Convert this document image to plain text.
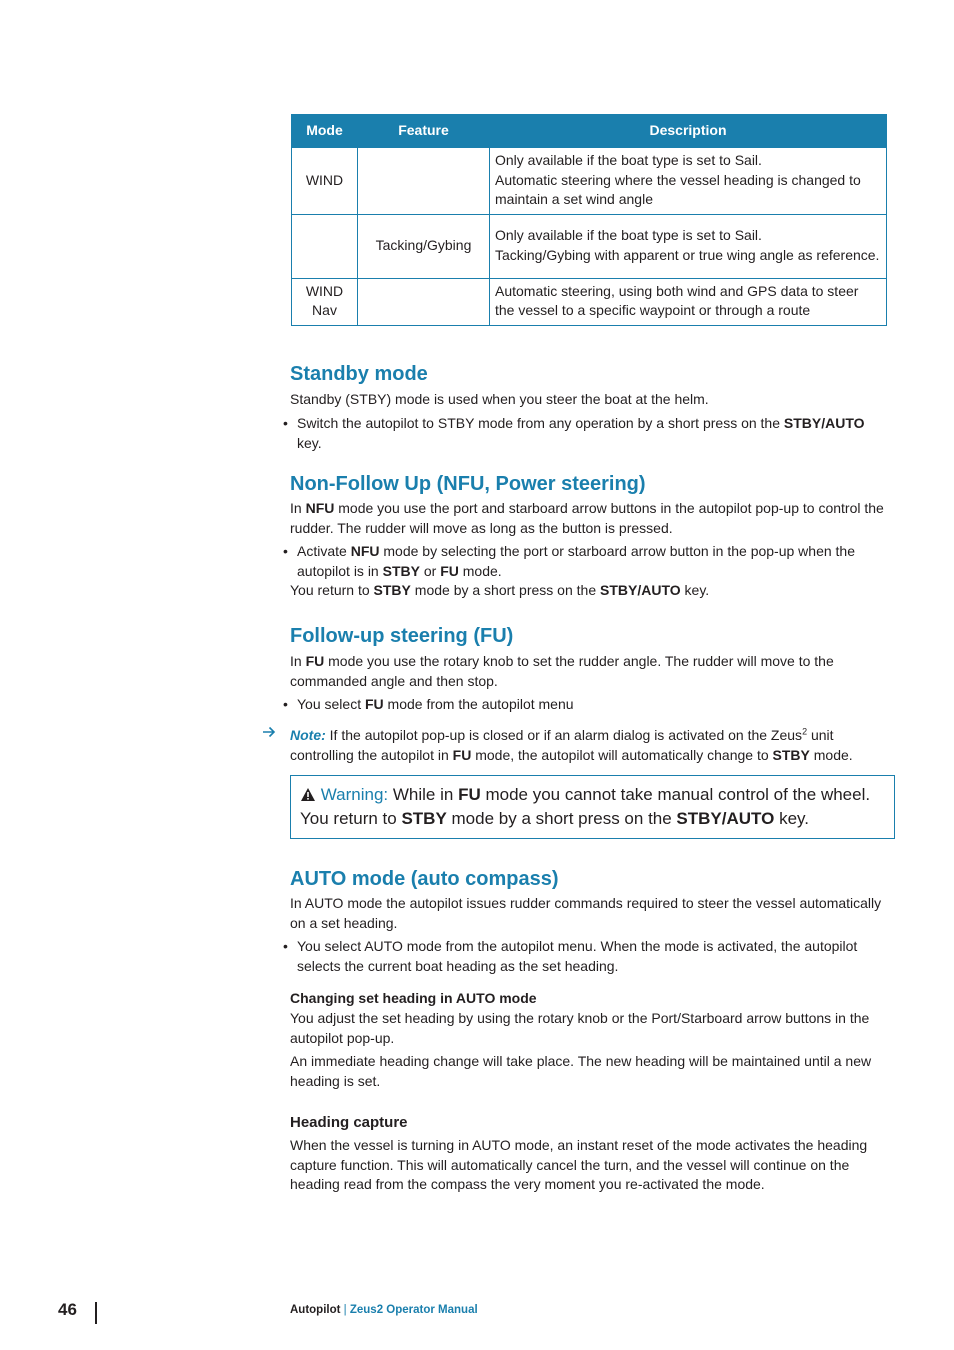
Mode	Feature	Description
WIND		Only available if the boat type is set to Sail.
Automatic steering where the vessel heading is changed to maintain a set wind angle

	Tacking/Gybing	Only available if the boat type is set to Sail.
Tacking/Gybing with apparent or true wing angle as reference.

WIND Nav		Automatic steering, using both wind and GPS data to steer the vessel to a specific waypoint or through a route
Standby mode

Standby (STBY) mode is used when you steer the boat at the helm.

• Switch the autopilot to STBY mode from any operation by a short press on the STBY/AUTO key.
Non-Follow Up (NFU, Power steering)

In NFU mode you use the port and starboard arrow buttons in the autopilot pop-up to control the rudder. The rudder will move as long as the button is pressed.

• Activate NFU mode by selecting the port or starboard arrow button in the pop-up when the autopilot is in STBY or FU mode.

You return to STBY mode by a short press on the STBY/AUTO key.

Follow-up steering (FU)

In FU mode you use the rotary knob to set the rudder angle. The rudder will move to the commanded angle and then stop.

• You select FU mode from the autopilot menu

Note: If the autopilot pop-up is closed or if an alarm dialog is activated on the Zeus$^2$ unit controlling the autopilot in FU mode, the autopilot will automatically change to STBY mode.

Warning: While in FU mode you cannot take manual control of the wheel. You return to STBY mode by a short press on the STBY/AUTO key.
AUTO mode (auto compass)

In AUTO mode the autopilot issues rudder commands required to steer the vessel automatically on a set heading.

• You select AUTO mode from the autopilot menu. When the mode is activated, the autopilot selects the current boat heading as the set heading.
Changing set heading in AUTO mode

You adjust the set heading by using the rotary knob or the Port/Starboard arrow buttons in the autopilot pop-up.

An immediate heading change will take place. The new heading will be maintained until a new heading is set.

Heading capture

When the vessel is turning in AUTO mode, an instant reset of the mode activates the heading capture function. This will automatically cancel the turn, and the vessel will continue on the heading read from the compass the very moment you re-activated the mode.

46	Autopilot | Zeus2 Operator Manual
